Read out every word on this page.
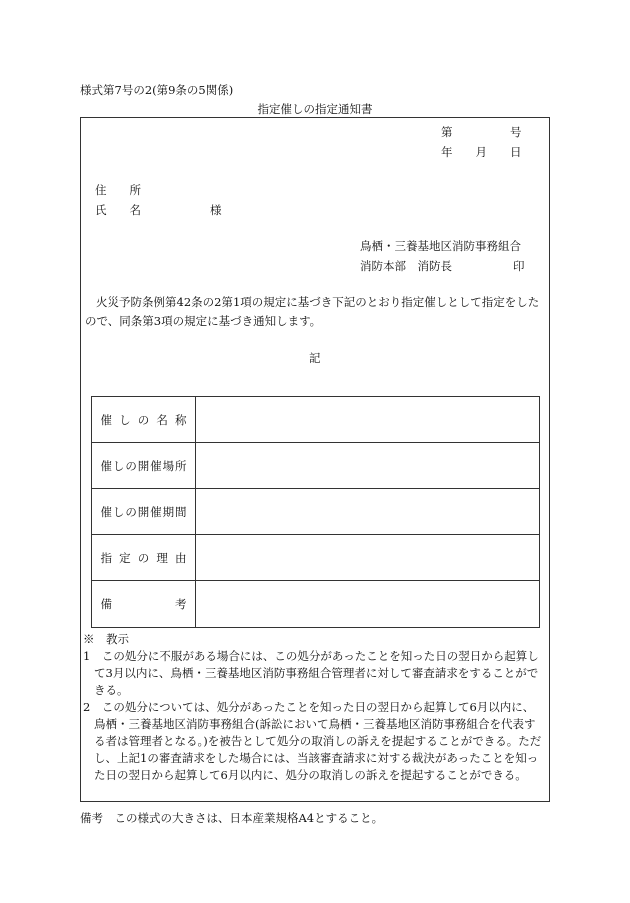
様式第7号の2(第9条の5関係)
指定催しの指定通知書
第　　　　　号
年　　月　　日
住　　所
氏　　名　　　　　　様
鳥栖・三養基地区消防事務組合
消防本部　消防長	印
火災予防条例第42条の2第1項の規定に基づき下記のとおり指定催しとして指定をしたので、同条第3項の規定に基づき通知します。
記
催しの名称
催しの開催場所
催しの開催期間
指定の理由
備考
※　教示
1　この処分に不服がある場合には、この処分があったことを知った日の翌日から起算して3月以内に、鳥栖・三養基地区消防事務組合管理者に対して審査請求をすることができる。
2　この処分については、処分があったことを知った日の翌日から起算して6月以内に、鳥栖・三養基地区消防事務組合(訴訟において鳥栖・三養基地区消防事務組合を代表する者は管理者となる。)を被告として処分の取消しの訴えを提起することができる。ただし、上記1の審査請求をした場合には、当該審査請求に対する裁決があったことを知った日の翌日から起算して6月以内に、処分の取消しの訴えを提起することができる。
備考　この様式の大きさは、日本産業規格A4とすること。
